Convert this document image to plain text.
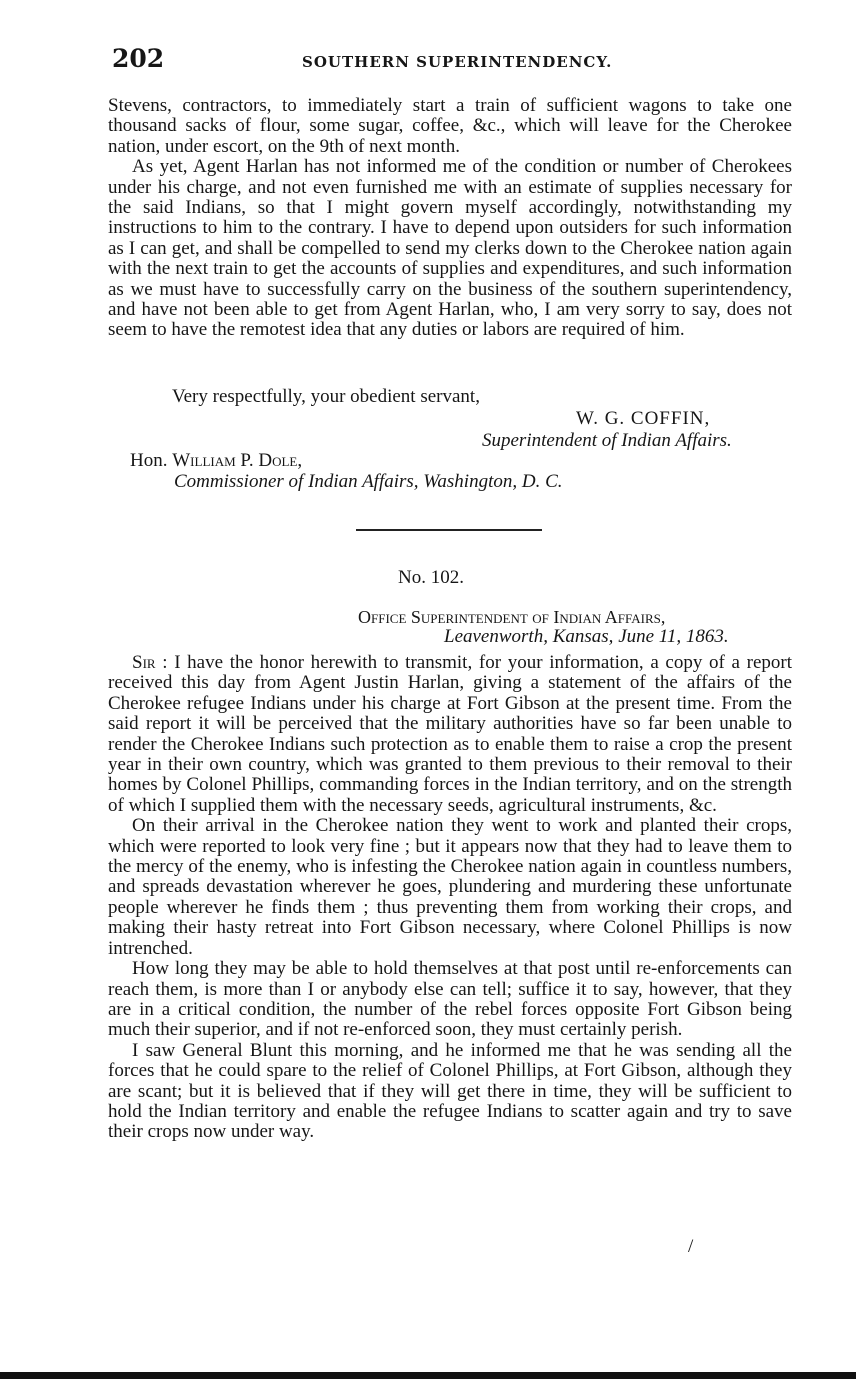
202	SOUTHERN SUPERINTENDENCY.

Stevens, contractors, to immediately start a train of sufficient wagons to take one thousand sacks of flour, some sugar, coffee, &c., which will leave for the Cherokee nation, under escort, on the 9th of next month.

As yet, Agent Harlan has not informed me of the condition or number of Cherokees under his charge, and not even furnished me with an estimate of supplies necessary for the said Indians, so that I might govern myself accordingly, notwithstanding my instructions to him to the contrary. I have to depend upon outsiders for such information as I can get, and shall be compelled to send my clerks down to the Cherokee nation again with the next train to get the accounts of supplies and expenditures, and such information as we must have to successfully carry on the business of the southern superintendency, and have not been able to get from Agent Harlan, who, I am very sorry to say, does not seem to have the remotest idea that any duties or labors are required of him.

Very respectfully, your obedient servant,
W. G. COFFIN,
Superintendent of Indian Affairs.
Hon. William P. Dole,
Commissioner of Indian Affairs, Washington, D. C.
No. 102.
Office Superintendent of Indian Affairs,
Leavenworth, Kansas, June 11, 1863.

Sir : I have the honor herewith to transmit, for your information, a copy of a report received this day from Agent Justin Harlan, giving a statement of the affairs of the Cherokee refugee Indians under his charge at Fort Gibson at the present time. From the said report it will be perceived that the military authorities have so far been unable to render the Cherokee Indians such protection as to enable them to raise a crop the present year in their own country, which was granted to them previous to their removal to their homes by Colonel Phillips, commanding forces in the Indian territory, and on the strength of which I supplied them with the necessary seeds, agricultural instruments, &c.

On their arrival in the Cherokee nation they went to work and planted their crops, which were reported to look very fine ; but it appears now that they had to leave them to the mercy of the enemy, who is infesting the Cherokee nation again in countless numbers, and spreads devastation wherever he goes, plundering and murdering these unfortunate people wherever he finds them ; thus preventing them from working their crops, and making their hasty retreat into Fort Gibson necessary, where Colonel Phillips is now intrenched.

How long they may be able to hold themselves at that post until re-enforcements can reach them, is more than I or anybody else can tell; suffice it to say, however, that they are in a critical condition, the number of the rebel forces opposite Fort Gibson being much their superior, and if not re-enforced soon, they must certainly perish.

I saw General Blunt this morning, and he informed me that he was sending all the forces that he could spare to the relief of Colonel Phillips, at Fort Gibson, although they are scant; but it is believed that if they will get there in time, they will be sufficient to hold the Indian territory and enable the refugee Indians to scatter again and try to save their crops now under way.

/
